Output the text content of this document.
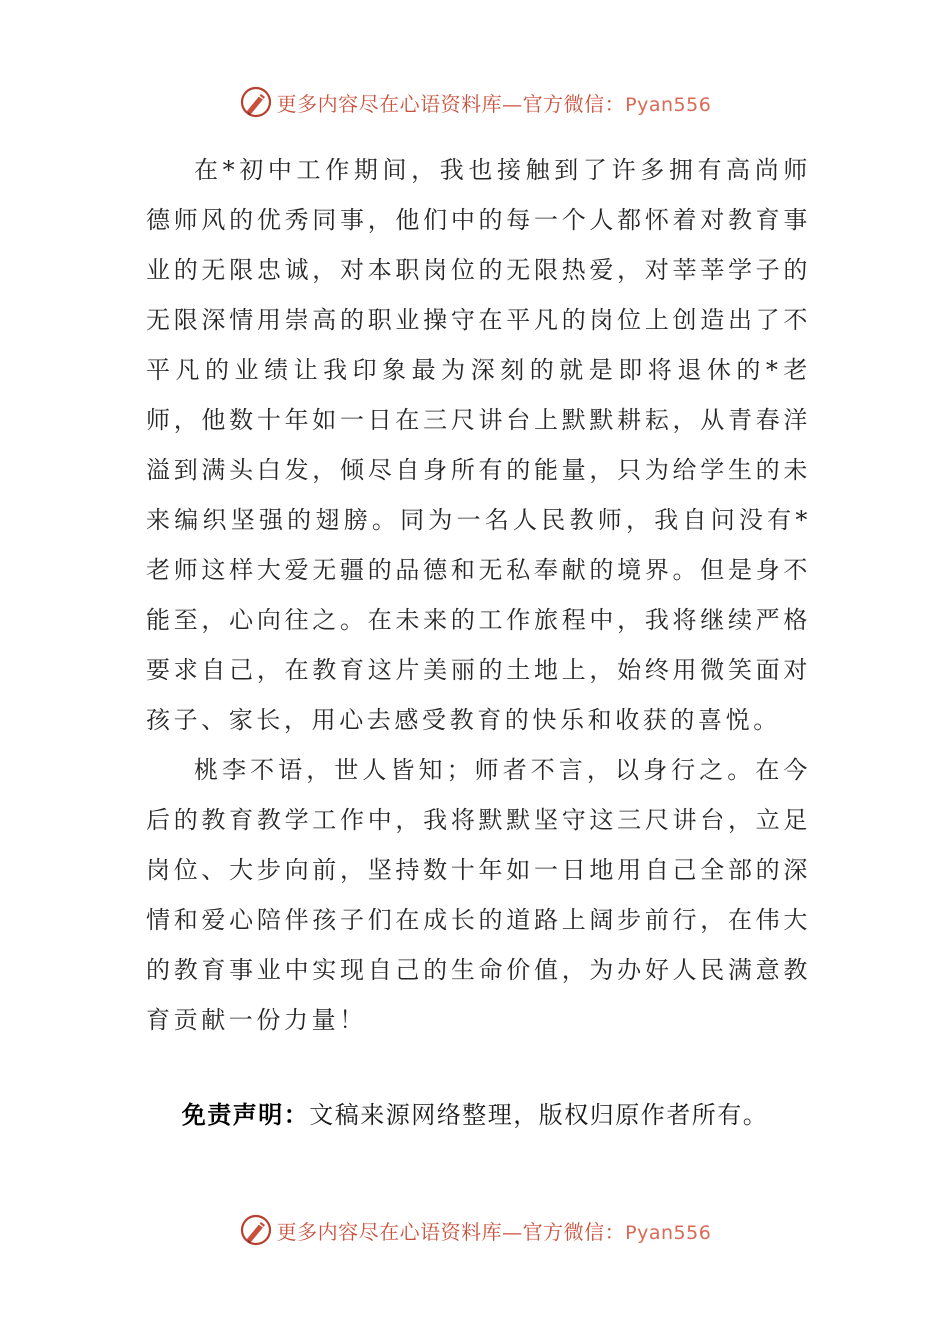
更多内容尽在心语资料库—官方微信：Pyan556

在*初中工作期间，我也接触到了许多拥有高尚师德师风的优秀同事，他们中的每一个人都怀着对教育事业的无限忠诚，对本职岗位的无限热爱，对莘莘学子的无限深情用崇高的职业操守在平凡的岗位上创造出了不平凡的业绩让我印象最为深刻的就是即将退休的*老师，他数十年如一日在三尺讲台上默默耕耘，从青春洋溢到满头白发，倾尽自身所有的能量，只为给学生的未来编织坚强的翅膀。同为一名人民教师，我自问没有*老师这样大爱无疆的品德和无私奉献的境界。但是身不能至，心向往之。在未来的工作旅程中，我将继续严格要求自己，在教育这片美丽的土地上，始终用微笑面对孩子、家长，用心去感受教育的快乐和收获的喜悦。

桃李不语，世人皆知；师者不言，以身行之。在今后的教育教学工作中，我将默默坚守这三尺讲台，立足岗位、大步向前，坚持数十年如一日地用自己全部的深情和爱心陪伴孩子们在成长的道路上阔步前行，在伟大的教育事业中实现自己的生命价值，为办好人民满意教育贡献一份力量！

免责声明：文稿来源网络整理，版权归原作者所有。
更多内容尽在心语资料库—官方微信：Pyan556
